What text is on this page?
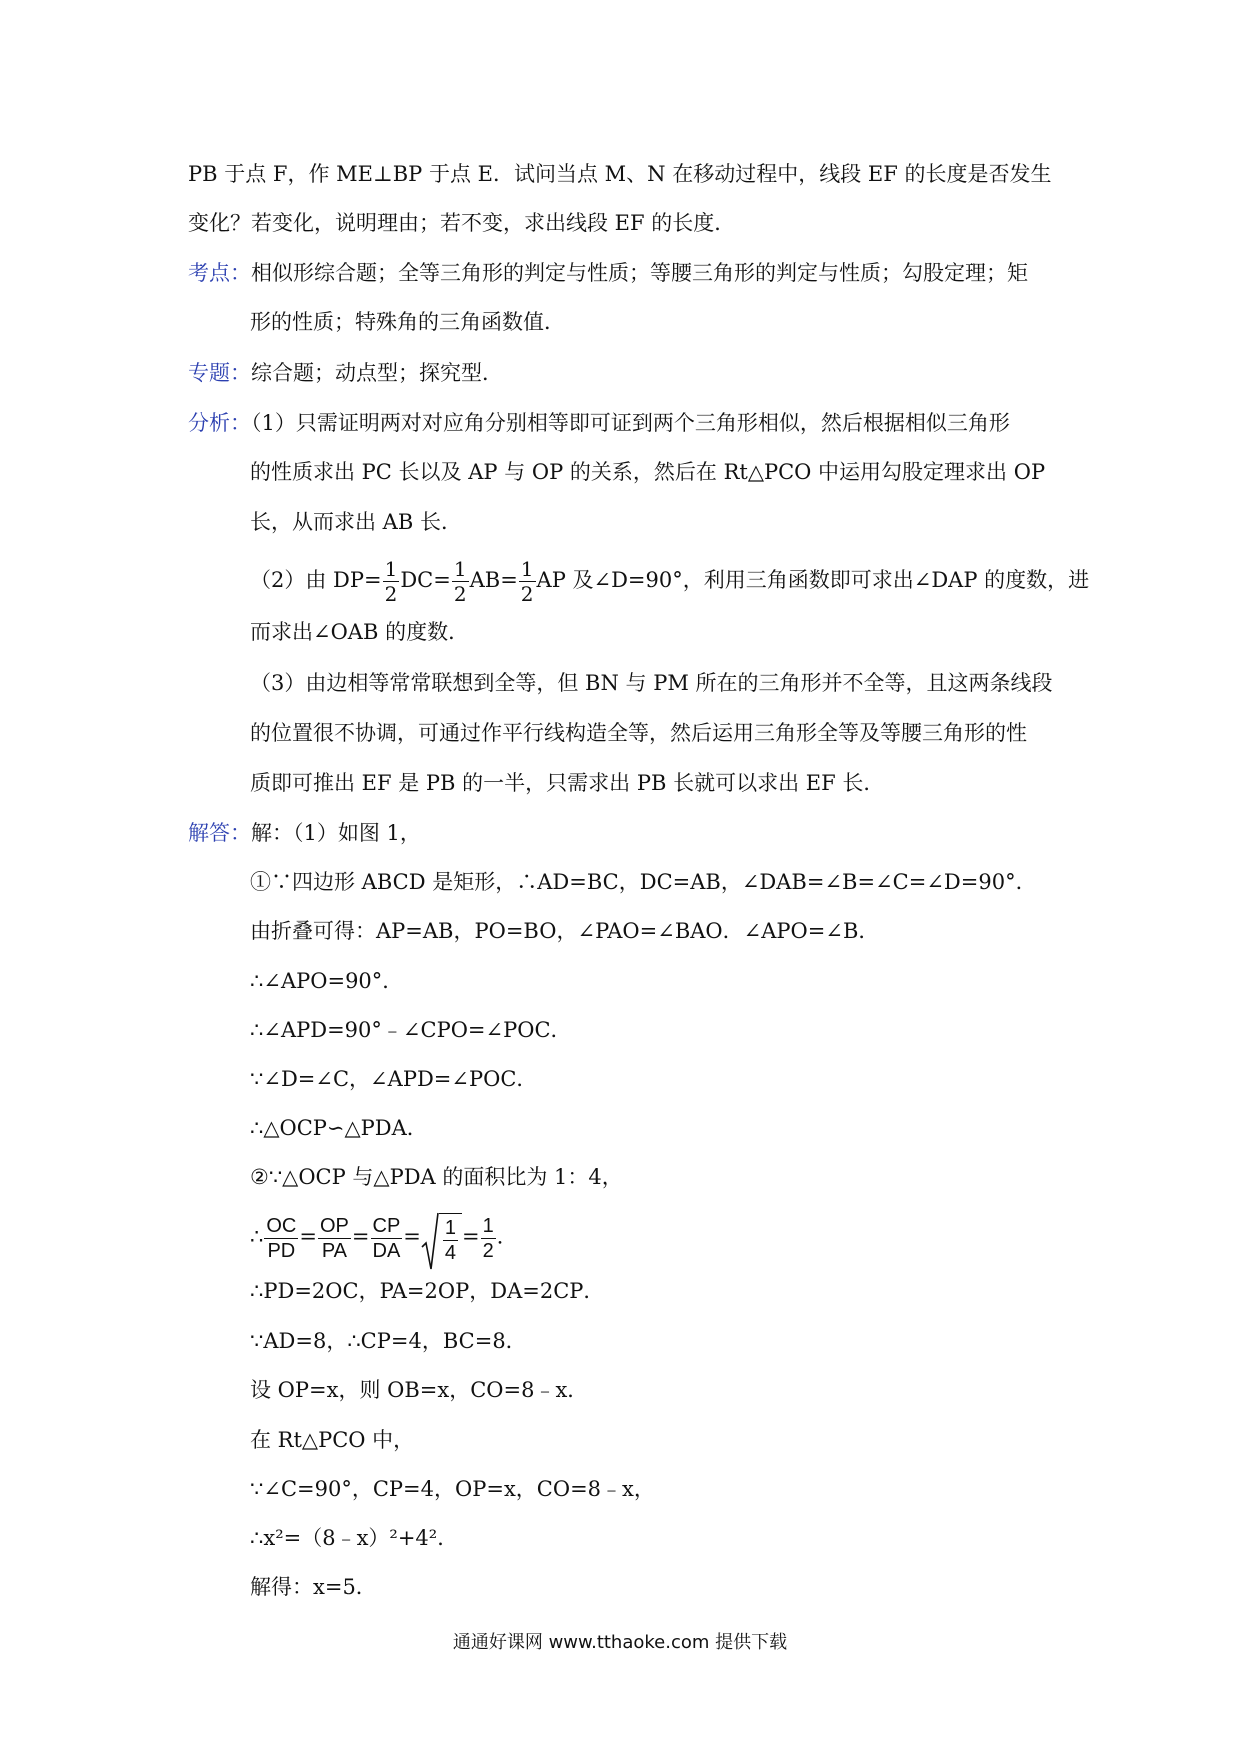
PB 于点 F，作 ME⊥BP 于点 E．试问当点 M、N 在移动过程中，线段 EF 的长度是否发生
变化？若变化，说明理由；若不变，求出线段 EF 的长度．
考点：相似形综合题；全等三角形的判定与性质；等腰三角形的判定与性质；勾股定理；矩
形的性质；特殊角的三角函数值．
专题：综合题；动点型；探究型．
分析：（1）只需证明两对对应角分别相等即可证到两个三角形相似，然后根据相似三角形
的性质求出 PC 长以及 AP 与 OP 的关系，然后在 Rt△PCO 中运用勾股定理求出 OP
长，从而求出 AB 长．
（2）由 $DP= \frac{1}{2} DC= \frac{1}{2} AB= \frac{1}{2}$ AP 及∠D=90°，利用三角函数即可求出∠DAP 的度数，进
而求出∠OAB 的度数．
（3）由边相等常常联想到全等，但 BN 与 PM 所在的三角形并不全等，且这两条线段
的位置很不协调，可通过作平行线构造全等，然后运用三角形全等及等腰三角形的性
质即可推出 EF 是 PB 的一半，只需求出 PB 长就可以求出 EF 长．
解答：解：（1）如图 1，
①∵四边形 ABCD 是矩形，∴AD=BC，DC=AB，∠DAB=∠B=∠C=∠D=90°．
由折叠可得：AP=AB，PO=BO，∠PAO=∠BAO．∠APO=∠B．
∴∠APO=90°．
∴∠APD=90°﹣∠CPO=∠POC．
∵∠D=∠C，∠APD=∠POC．
∴△OCP∽△PDA．
②∵△OCP 与△PDA 的面积比为 1：4，
∴ $\frac{OC}{PD} = \frac{OP}{PA} = \frac{CP}{DA} = \frac{1}{4} = \frac{1}{2}$ ．
∴PD=2OC，PA=2OP，DA=2CP．
∵AD=8，∴CP=4，BC=8．
设 OP=x，则 OB=x，CO=8﹣x．
在 Rt△PCO 中，
∵∠C=90°，CP=4，OP=x，CO=8﹣x，
∴x²=（8﹣x）²+4²．
解得：x=5．
通通好课网 www.tthaoke.com 提供下载
